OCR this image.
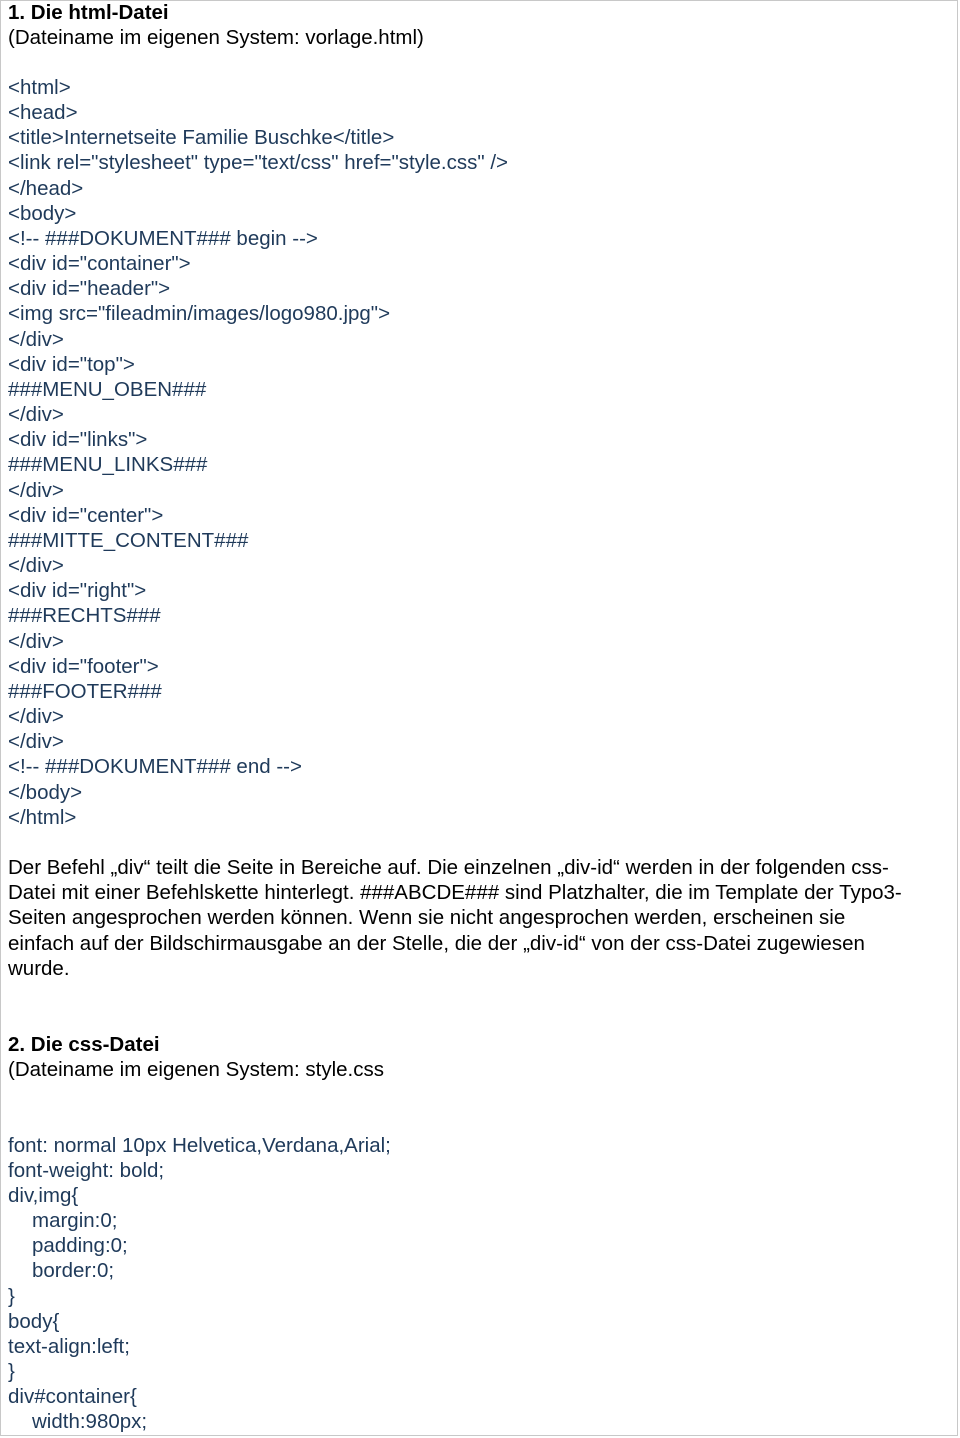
1. Die html-Datei
(Dateiname im eigenen System: vorlage.html)
<html>
<head>
<title>Internetseite Familie Buschke</title>
<link rel="stylesheet" type="text/css" href="style.css" />
</head>
<body>
<!-- ###DOKUMENT### begin -->
<div id="container">
<div id="header">
<img src="fileadmin/images/logo980.jpg">
</div>
<div id="top">
###MENU_OBEN###
</div>
<div id="links">
###MENU_LINKS###
</div>
<div id="center">
###MITTE_CONTENT###
</div>
<div id="right">
###RECHTS###
</div>
<div id="footer">
###FOOTER###
</div>
</div>
<!-- ###DOKUMENT### end -->
</body>
</html>
Der Befehl „div“ teilt die Seite in Bereiche auf. Die einzelnen „div-id“ werden in der folgenden css-
Datei mit einer Befehlskette hinterlegt. ###ABCDE### sind Platzhalter, die im Template der Typo3-
Seiten angesprochen werden können. Wenn sie nicht angesprochen werden, erscheinen sie
einfach auf der Bildschirmausgabe an der Stelle, die der „div-id“ von der css-Datei zugewiesen
wurde.
2. Die css-Datei
(Dateiname im eigenen System: style.css
font: normal 10px Helvetica,Verdana,Arial;
font-weight: bold;
div,img{
margin:0;
padding:0;
border:0;
}
body{
text-align:left;
}
div#container{
width:980px;
